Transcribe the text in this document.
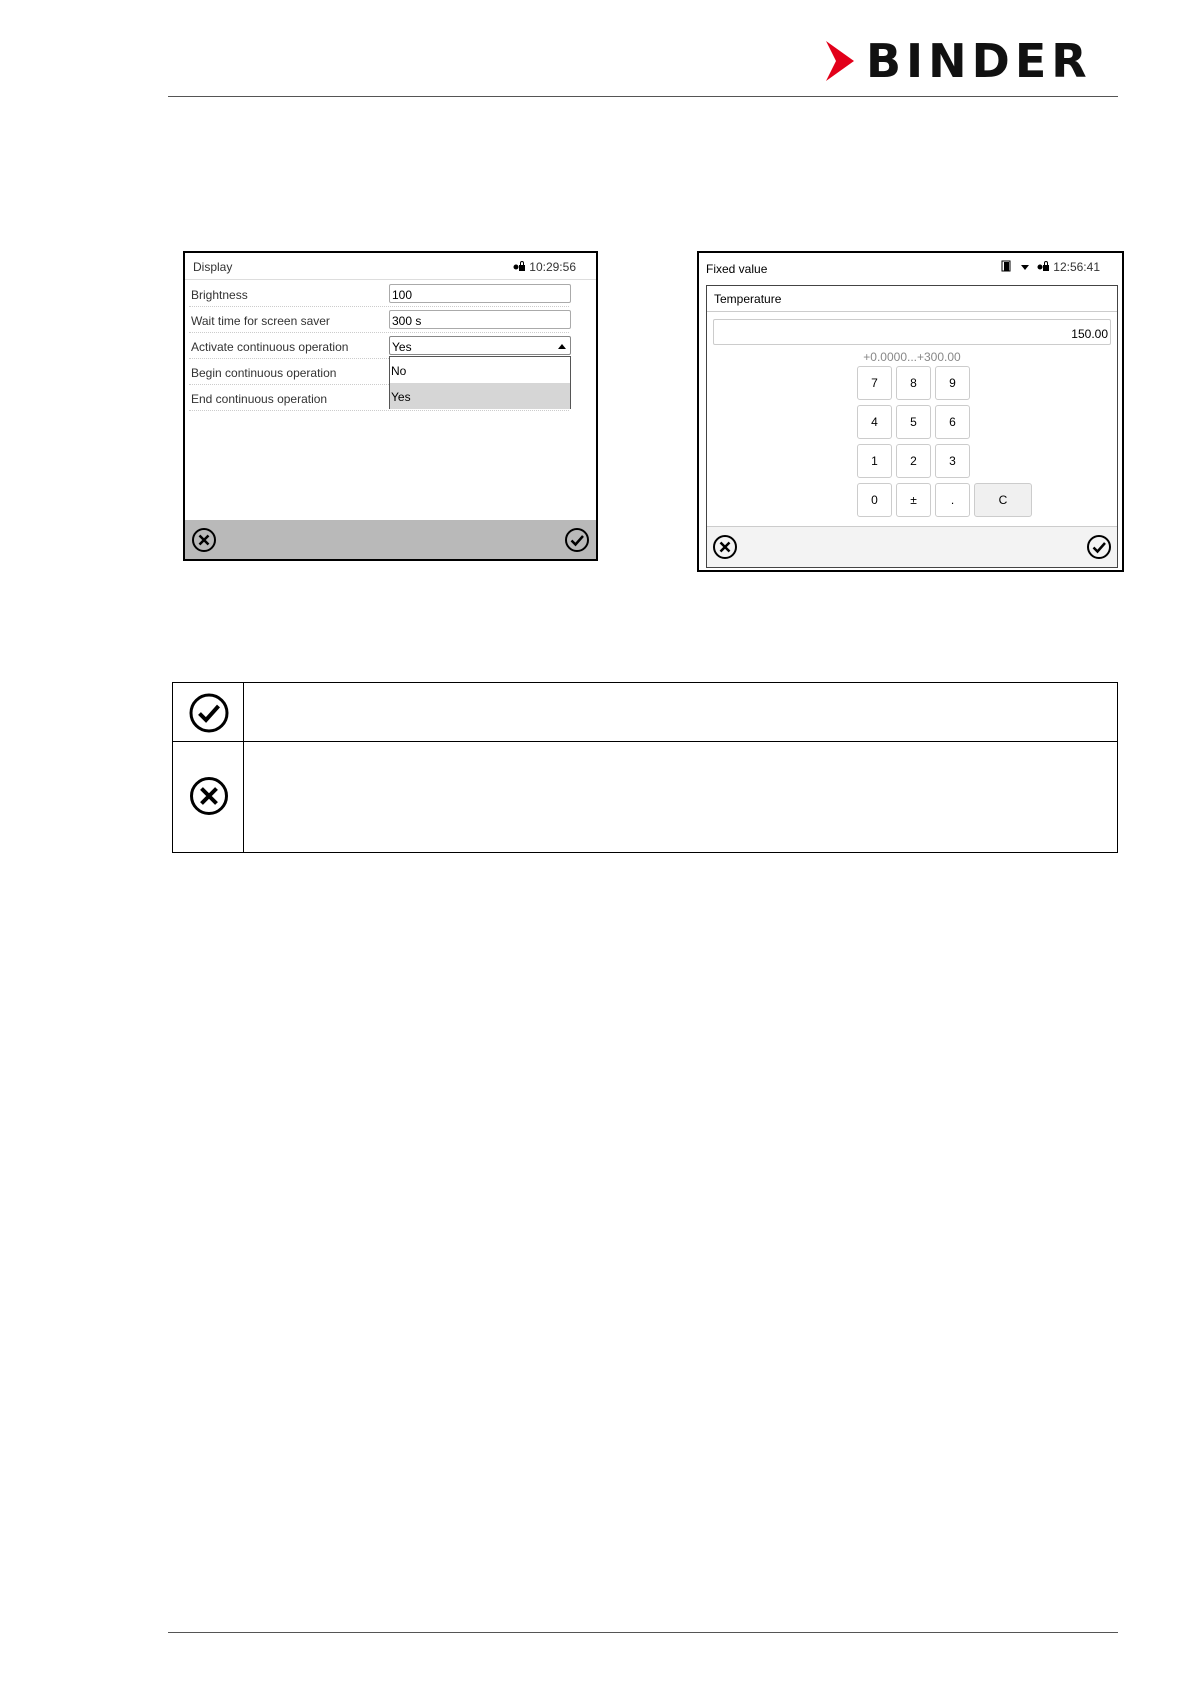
BINDER
Display	10:29:56
Brightness	100
Wait time for screen saver	300 s
Activate continuous operation	Yes
Begin continuous operation
End continuous operation
No
Yes
Fixed value	12:56:41
Temperature
150.00
+0.0000...+300.00
7	8	9
4	5	6
1	2	3
0	±	.	C
